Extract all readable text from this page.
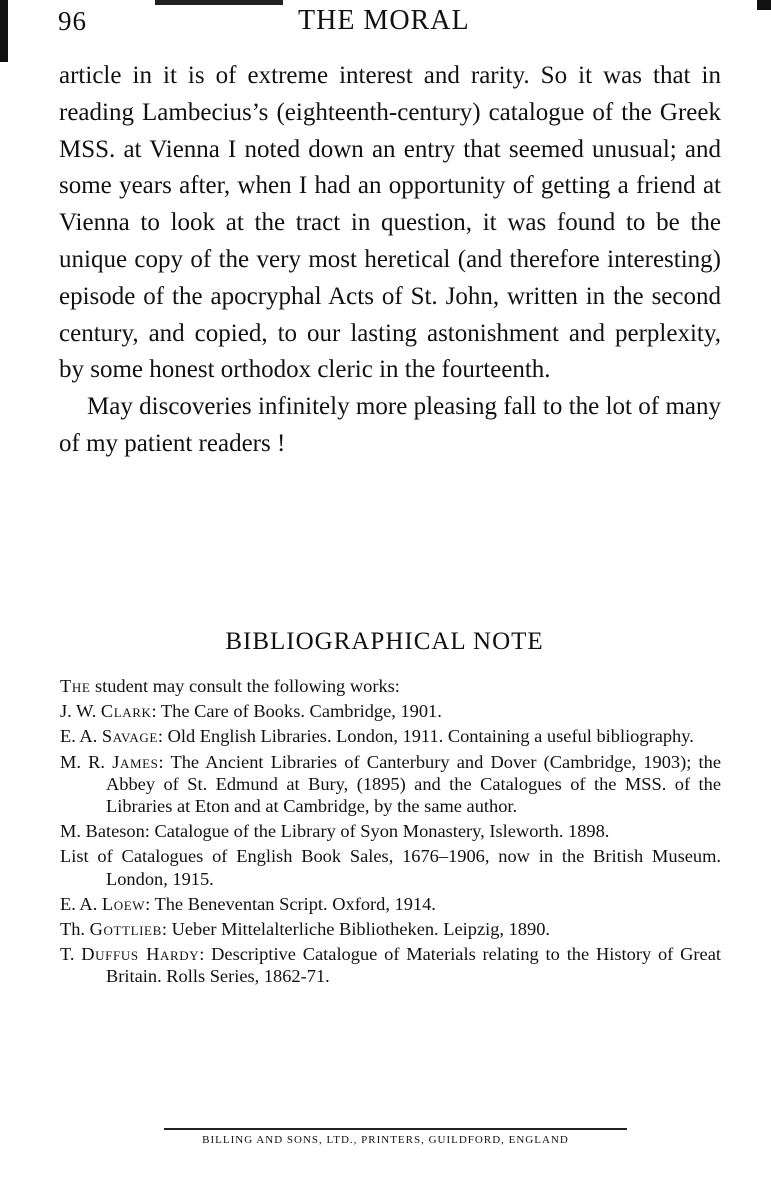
96	THE MORAL

article in it is of extreme interest and rarity. So it was that in reading Lambecius’s (eighteenth-century) catalogue of the Greek MSS. at Vienna I noted down an entry that seemed unusual; and some years after, when I had an opportunity of getting a friend at Vienna to look at the tract in question, it was found to be the unique copy of the very most heretical (and therefore interesting) episode of the apocryphal Acts of St. John, written in the second century, and copied, to our lasting astonishment and perplexity, by some honest orthodox cleric in the fourteenth.

May discoveries infinitely more pleasing fall to the lot of many of my patient readers !

BIBLIOGRAPHICAL NOTE

The student may consult the following works:

J. W. Clark: The Care of Books. Cambridge, 1901.

E. A. Savage: Old English Libraries. London, 1911. Containing a useful bibliography.

M. R. James: The Ancient Libraries of Canterbury and Dover (Cambridge, 1903); the Abbey of St. Edmund at Bury, (1895) and the Catalogues of the MSS. of the Libraries at Eton and at Cambridge, by the same author.

M. Bateson: Catalogue of the Library of Syon Monastery, Isleworth. 1898.

List of Catalogues of English Book Sales, 1676–1906, now in the British Museum. London, 1915.

E. A. Loew: The Beneventan Script. Oxford, 1914.

Th. Gottlieb: Ueber Mittelalterliche Bibliotheken. Leipzig, 1890.

T. Duffus Hardy: Descriptive Catalogue of Materials relating to the History of Great Britain. Rolls Series, 1862-71.

BILLING AND SONS, LTD., PRINTERS, GUILDFORD, ENGLAND
